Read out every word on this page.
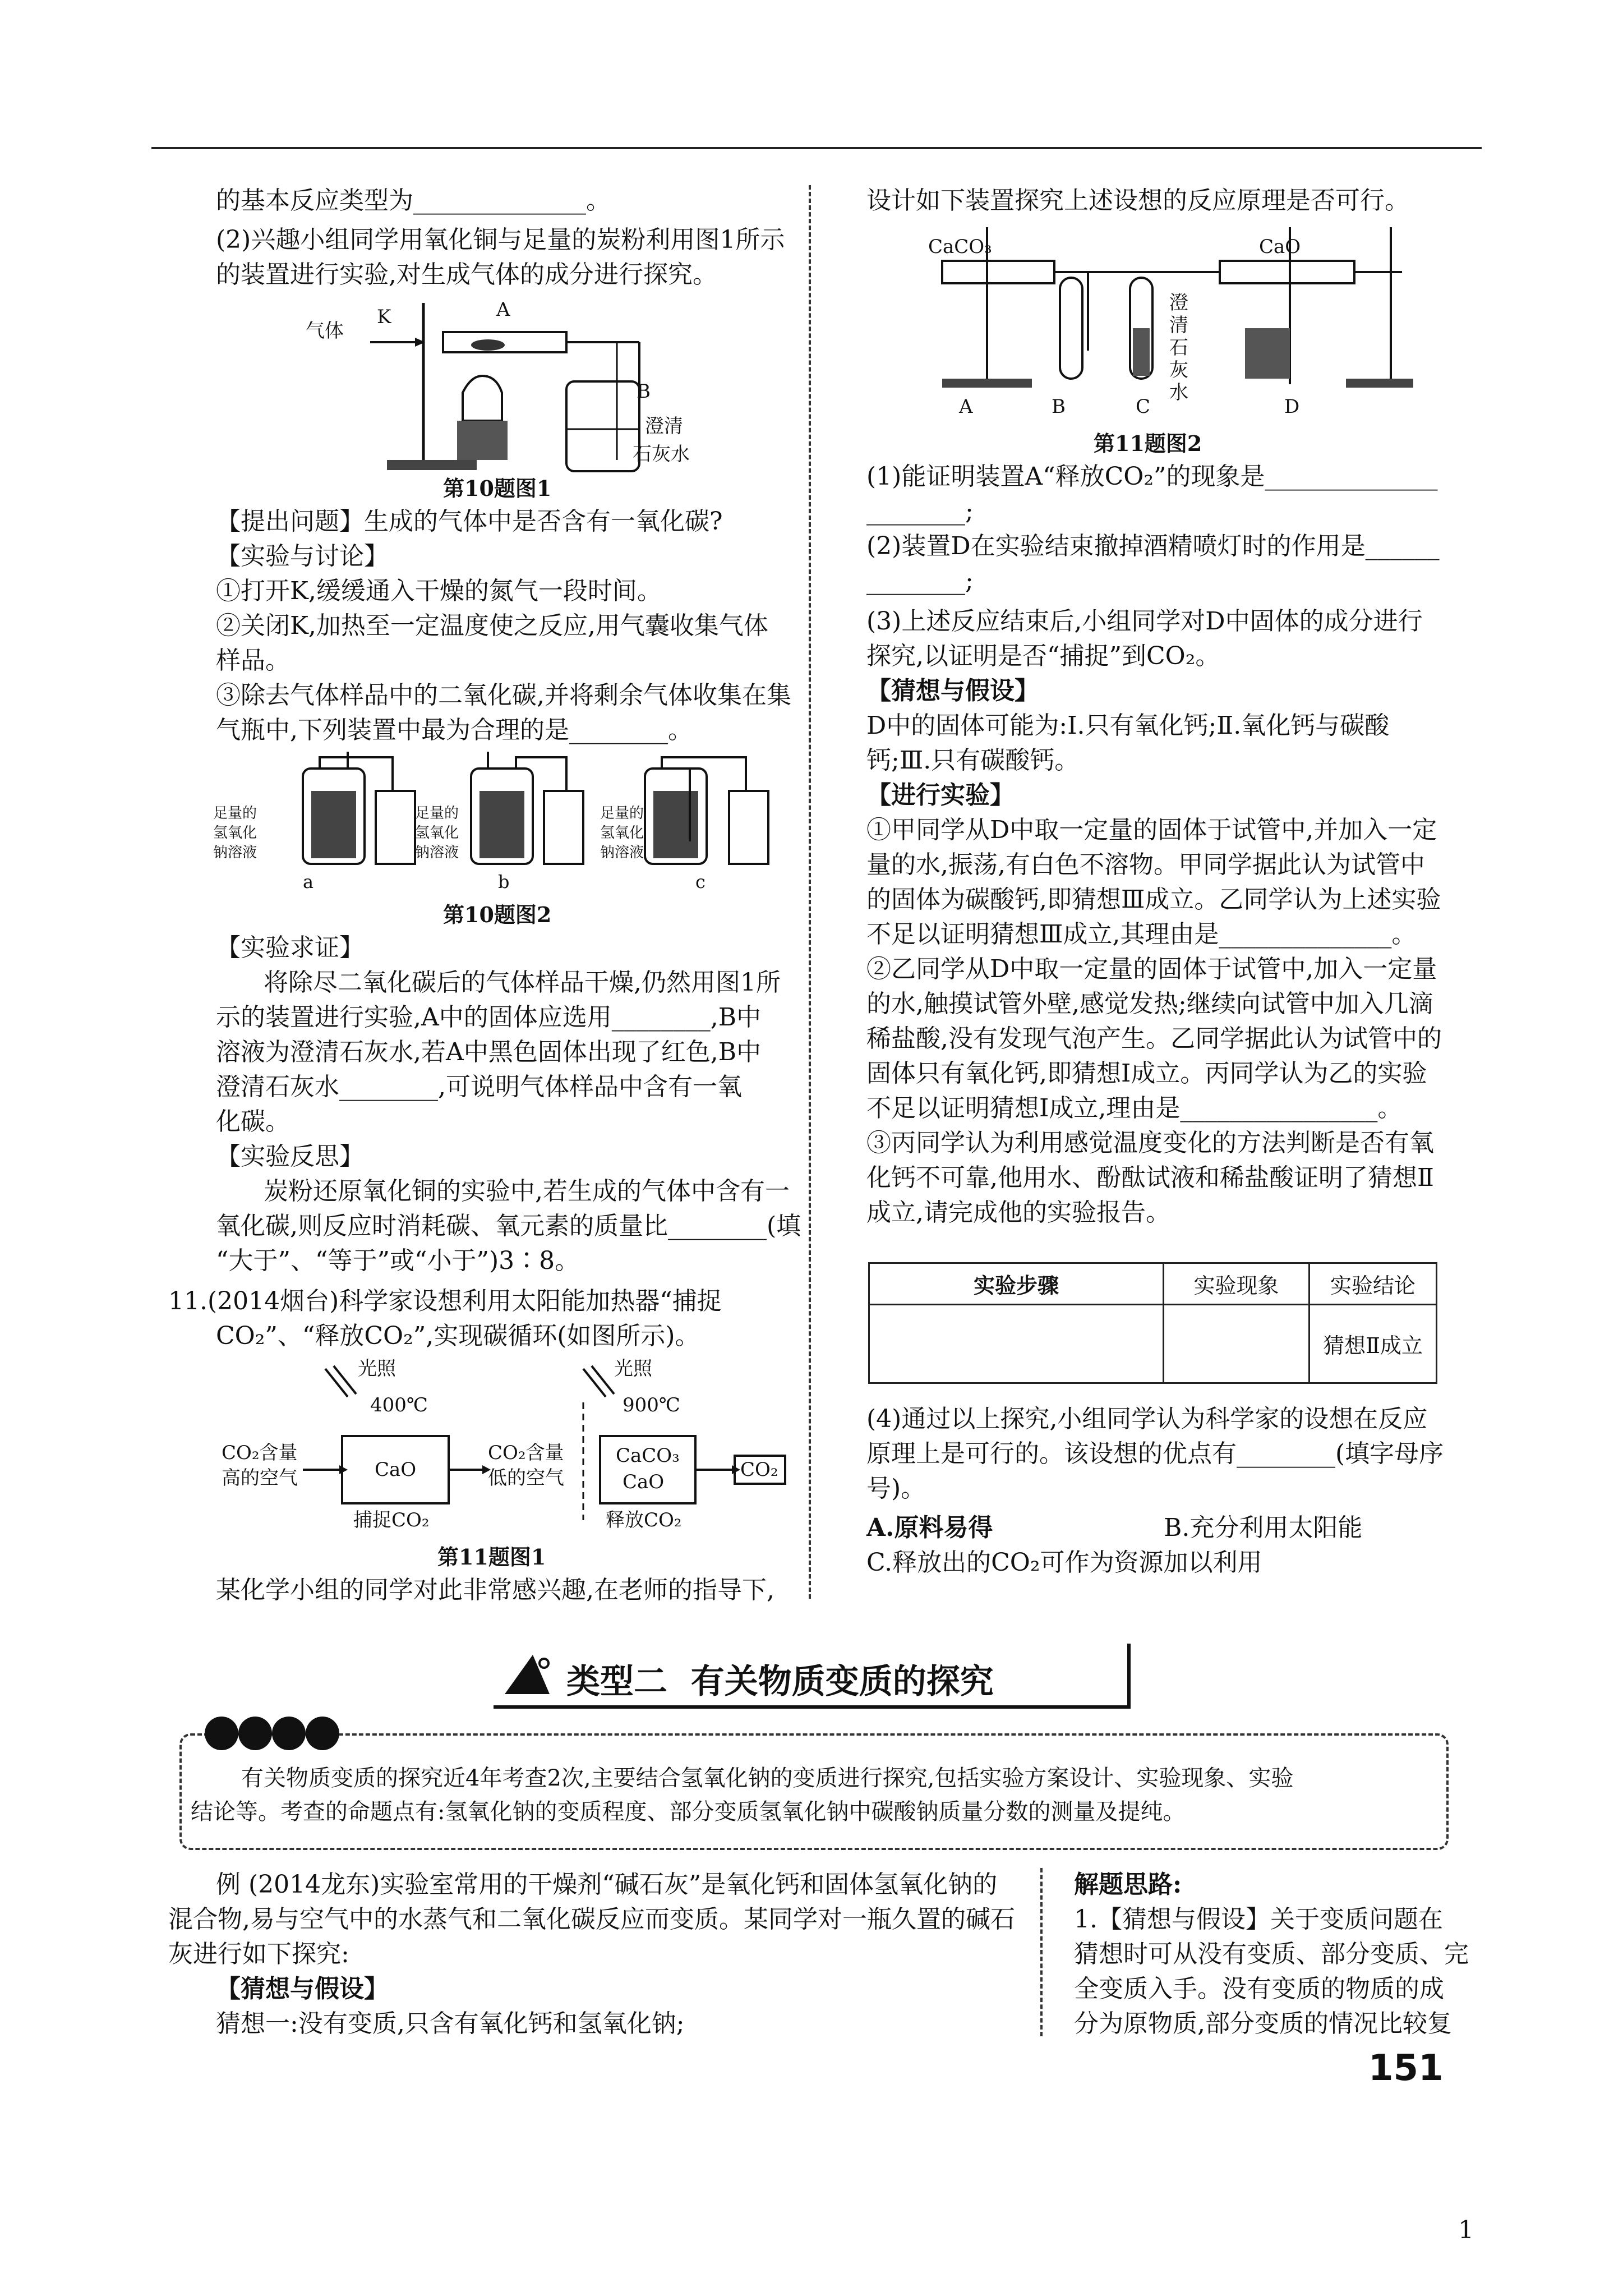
的基本反应类型为______________。
(2)兴趣小组同学用氧化铜与足量的炭粉利用图1所示
的装置进行实验,对生成气体的成分进行探究。
气体
K	A
B
澄清
石灰水
第10题图1
【提出问题】生成的气体中是否含有一氧化碳?
【实验与讨论】
①打开K,缓缓通入干燥的氮气一段时间。
②关闭K,加热至一定温度使之反应,用气囊收集气体
样品。
③除去气体样品中的二氧化碳,并将剩余气体收集在集
气瓶中,下列装置中最为合理的是________。
足量的
氢氧化
钠溶液
足量的
氢氧化
钠溶液
足量的
氢氧化
钠溶液
a	b	c
第10题图2
【实验求证】
将除尽二氧化碳后的气体样品干燥,仍然用图1所
示的装置进行实验,A中的固体应选用________,B中
溶液为澄清石灰水,若A中黑色固体出现了红色,B中
澄清石灰水________,可说明气体样品中含有一氧
化碳。
【实验反思】
炭粉还原氧化铜的实验中,若生成的气体中含有一
氧化碳,则反应时消耗碳、氧元素的质量比________(填
“大于”、“等于”或“小于”)3∶8。
11.(2014烟台)科学家设想利用太阳能加热器“捕捉
CO₂”、“释放CO₂”,实现碳循环(如图所示)。
光照
400℃
光照
900℃
CO₂含量
高的空气	CaO
CO₂含量
低的空气
CaCO₃
CaO
CO₂
捕捉CO₂	释放CO₂
第11题图1
某化学小组的同学对此非常感兴趣,在老师的指导下,
设计如下装置探究上述设想的反应原理是否可行。
CaCO₃	CaO
澄
清
石
灰
水
A	B	C	D
第11题图2
(1)能证明装置A“释放CO₂”的现象是______________
________;
(2)装置D在实验结束撤掉酒精喷灯时的作用是______
________;
(3)上述反应结束后,小组同学对D中固体的成分进行
探究,以证明是否“捕捉”到CO₂。
【猜想与假设】
D中的固体可能为:Ⅰ.只有氧化钙;Ⅱ.氧化钙与碳酸
钙;Ⅲ.只有碳酸钙。
【进行实验】
①甲同学从D中取一定量的固体于试管中,并加入一定
量的水,振荡,有白色不溶物。甲同学据此认为试管中
的固体为碳酸钙,即猜想Ⅲ成立。乙同学认为上述实验
不足以证明猜想Ⅲ成立,其理由是______________。
②乙同学从D中取一定量的固体于试管中,加入一定量
的水,触摸试管外壁,感觉发热;继续向试管中加入几滴
稀盐酸,没有发现气泡产生。乙同学据此认为试管中的
固体只有氧化钙,即猜想Ⅰ成立。丙同学认为乙的实验
不足以证明猜想Ⅰ成立,理由是________________。
③丙同学认为利用感觉温度变化的方法判断是否有氧
化钙不可靠,他用水、酚酞试液和稀盐酸证明了猜想Ⅱ
成立,请完成他的实验报告。
实验步骤	实验现象	实验结论
		猜想Ⅱ成立
(4)通过以上探究,小组同学认为科学家的设想在反应
原理上是可行的。该设想的优点有________(填字母序
号)。
A.原料易得	B.充分利用太阳能
C.释放出的CO₂可作为资源加以利用
类型二  有关物质变质的探究
有关物质变质的探究近4年考查2次,主要结合氢氧化钠的变质进行探究,包括实验方案设计、实验现象、实验
结论等。考查的命题点有:氢氧化钠的变质程度、部分变质氢氧化钠中碳酸钠质量分数的测量及提纯。
例 (2014龙东)实验室常用的干燥剂“碱石灰”是氧化钙和固体氢氧化钠的
混合物,易与空气中的水蒸气和二氧化碳反应而变质。某同学对一瓶久置的碱石
灰进行如下探究:
【猜想与假设】
猜想一:没有变质,只含有氧化钙和氢氧化钠;
解题思路:
1.【猜想与假设】关于变质问题在
猜想时可从没有变质、部分变质、完
全变质入手。没有变质的物质的成
分为原物质,部分变质的情况比较复
151
1
